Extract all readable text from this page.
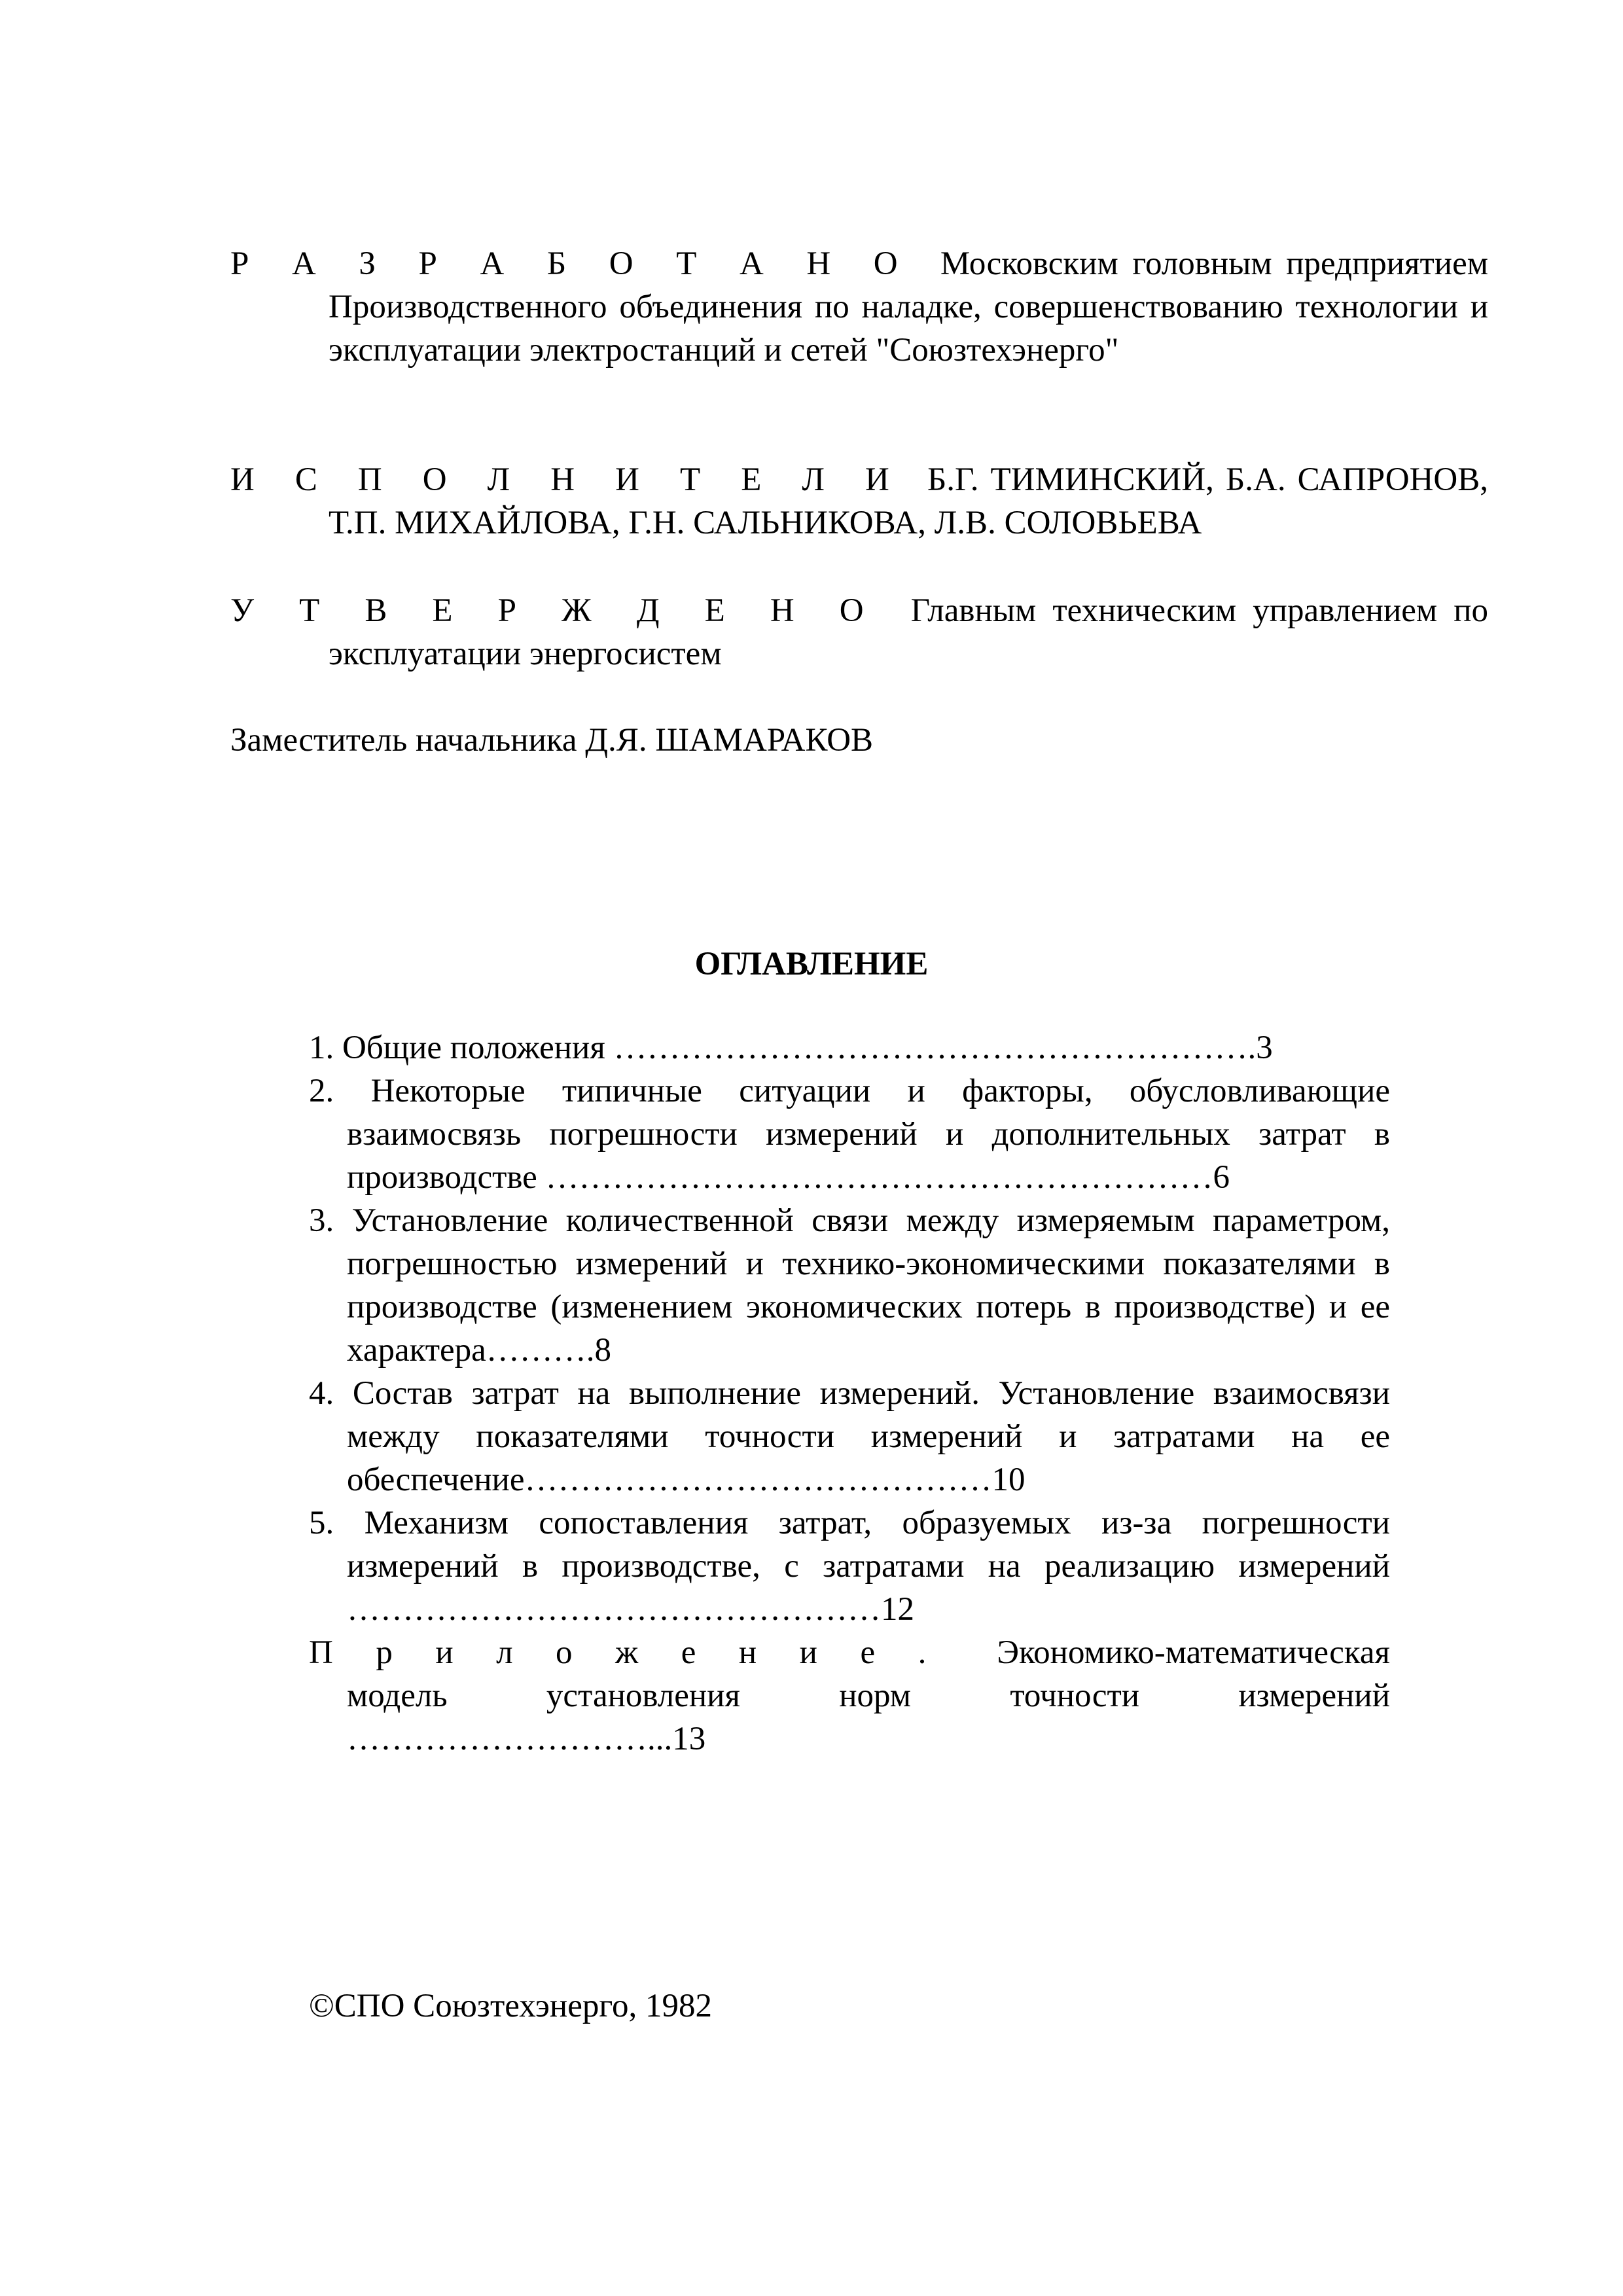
Р А З Р А Б О Т А Н О Московским головным предприятием Производственного объединения по наладке, совершенствованию технологии и эксплуатации электростанций и сетей "Союзтехэнерго"
И С П О Л Н И Т Е Л И Б.Г. ТИМИНСКИЙ, Б.А. САПРОНОВ, Т.П. МИХАЙЛОВА, Г.Н. САЛЬНИКОВА, Л.В. СОЛОВЬЕВА
У Т В Е Р Ж Д Е Н О Главным техническим управлением по эксплуатации энергосистем
Заместитель начальника Д.Я. ШАМАРАКОВ
ОГЛАВЛЕНИЕ
1. Общие положения ………………………………………………….3
2. Некоторые типичные ситуации и факторы, обусловливающие взаимосвязь погрешности измерений и дополнительных затрат в производстве ……………………………………………………6
3. Установление количественной связи между измеряемым параметром, погрешностью измерений и технико-экономическими показателями в производстве (изменением экономических потерь в производстве) и ее характера……….8
4. Состав затрат на выполнение измерений. Установление взаимосвязи между показателями точности измерений и затратами на ее обеспечение……………………………………10
5. Механизм сопоставления затрат, образуемых из-за погрешности измерений в производстве, с затратами на реализацию измерений …………………………………………12
П р и л о ж е н и е . Экономико-математическая модель установления норм точности измерений ………………………...13
©СПО Союзтехэнерго, 1982
